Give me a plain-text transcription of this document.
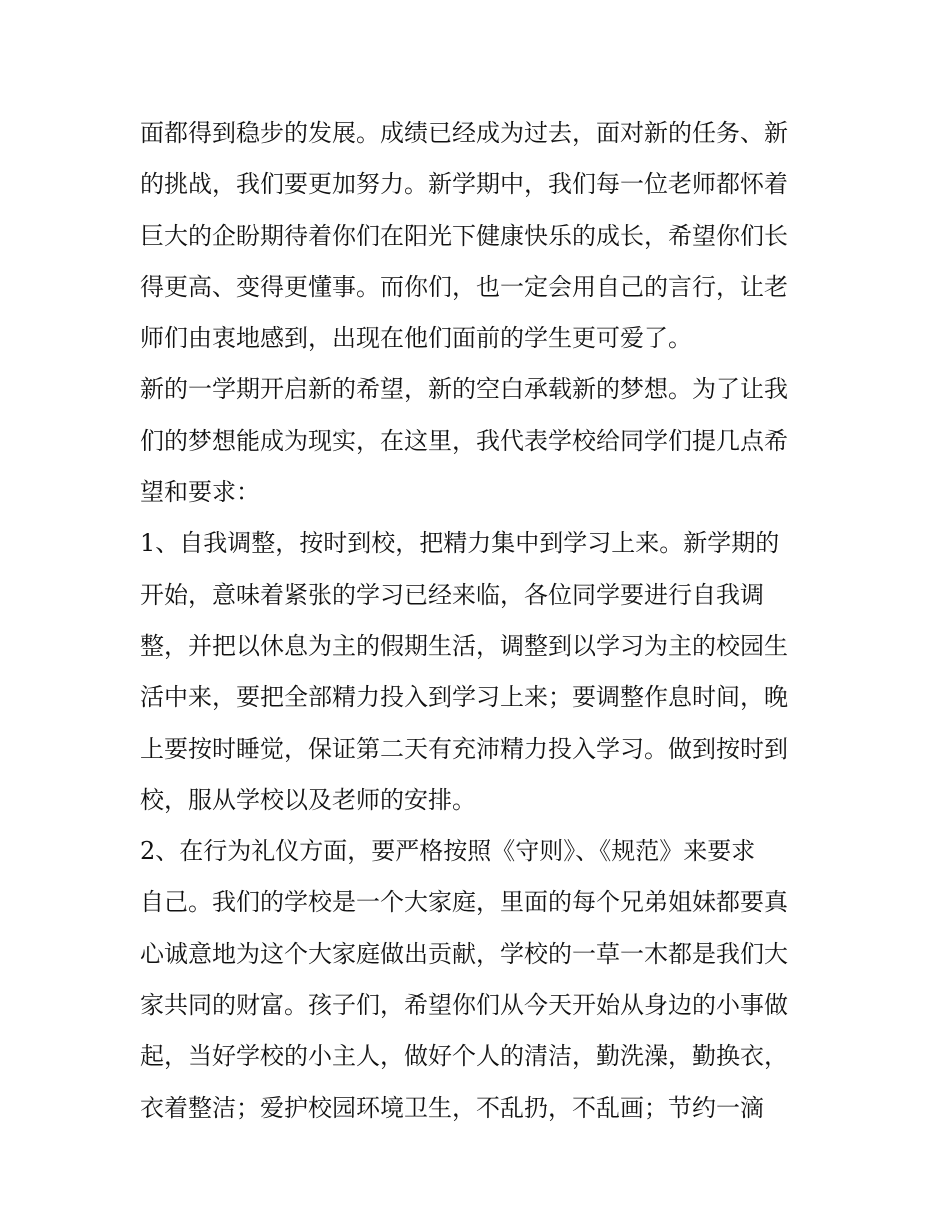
面都得到稳步的发展。成绩已经成为过去，面对新的任务、新
的挑战，我们要更加努力。新学期中，我们每一位老师都怀着
巨大的企盼期待着你们在阳光下健康快乐的成长，希望你们长
得更高、变得更懂事。而你们，也一定会用自己的言行，让老
师们由衷地感到，出现在他们面前的学生更可爱了。
新的一学期开启新的希望，新的空白承载新的梦想。为了让我
们的梦想能成为现实，在这里，我代表学校给同学们提几点希
望和要求：
1、自我调整，按时到校，把精力集中到学习上来。新学期的
开始，意味着紧张的学习已经来临，各位同学要进行自我调
整，并把以休息为主的假期生活，调整到以学习为主的校园生
活中来，要把全部精力投入到学习上来；要调整作息时间，晚
上要按时睡觉，保证第二天有充沛精力投入学习。做到按时到
校，服从学校以及老师的安排。
2、在行为礼仪方面，要严格按照《守则》、《规范》来要求
自己。我们的学校是一个大家庭，里面的每个兄弟姐妹都要真
心诚意地为这个大家庭做出贡献，学校的一草一木都是我们大
家共同的财富。孩子们，希望你们从今天开始从身边的小事做
起，当好学校的小主人，做好个人的清洁，勤洗澡，勤换衣，
衣着整洁；爱护校园环境卫生，不乱扔，不乱画；节约一滴
